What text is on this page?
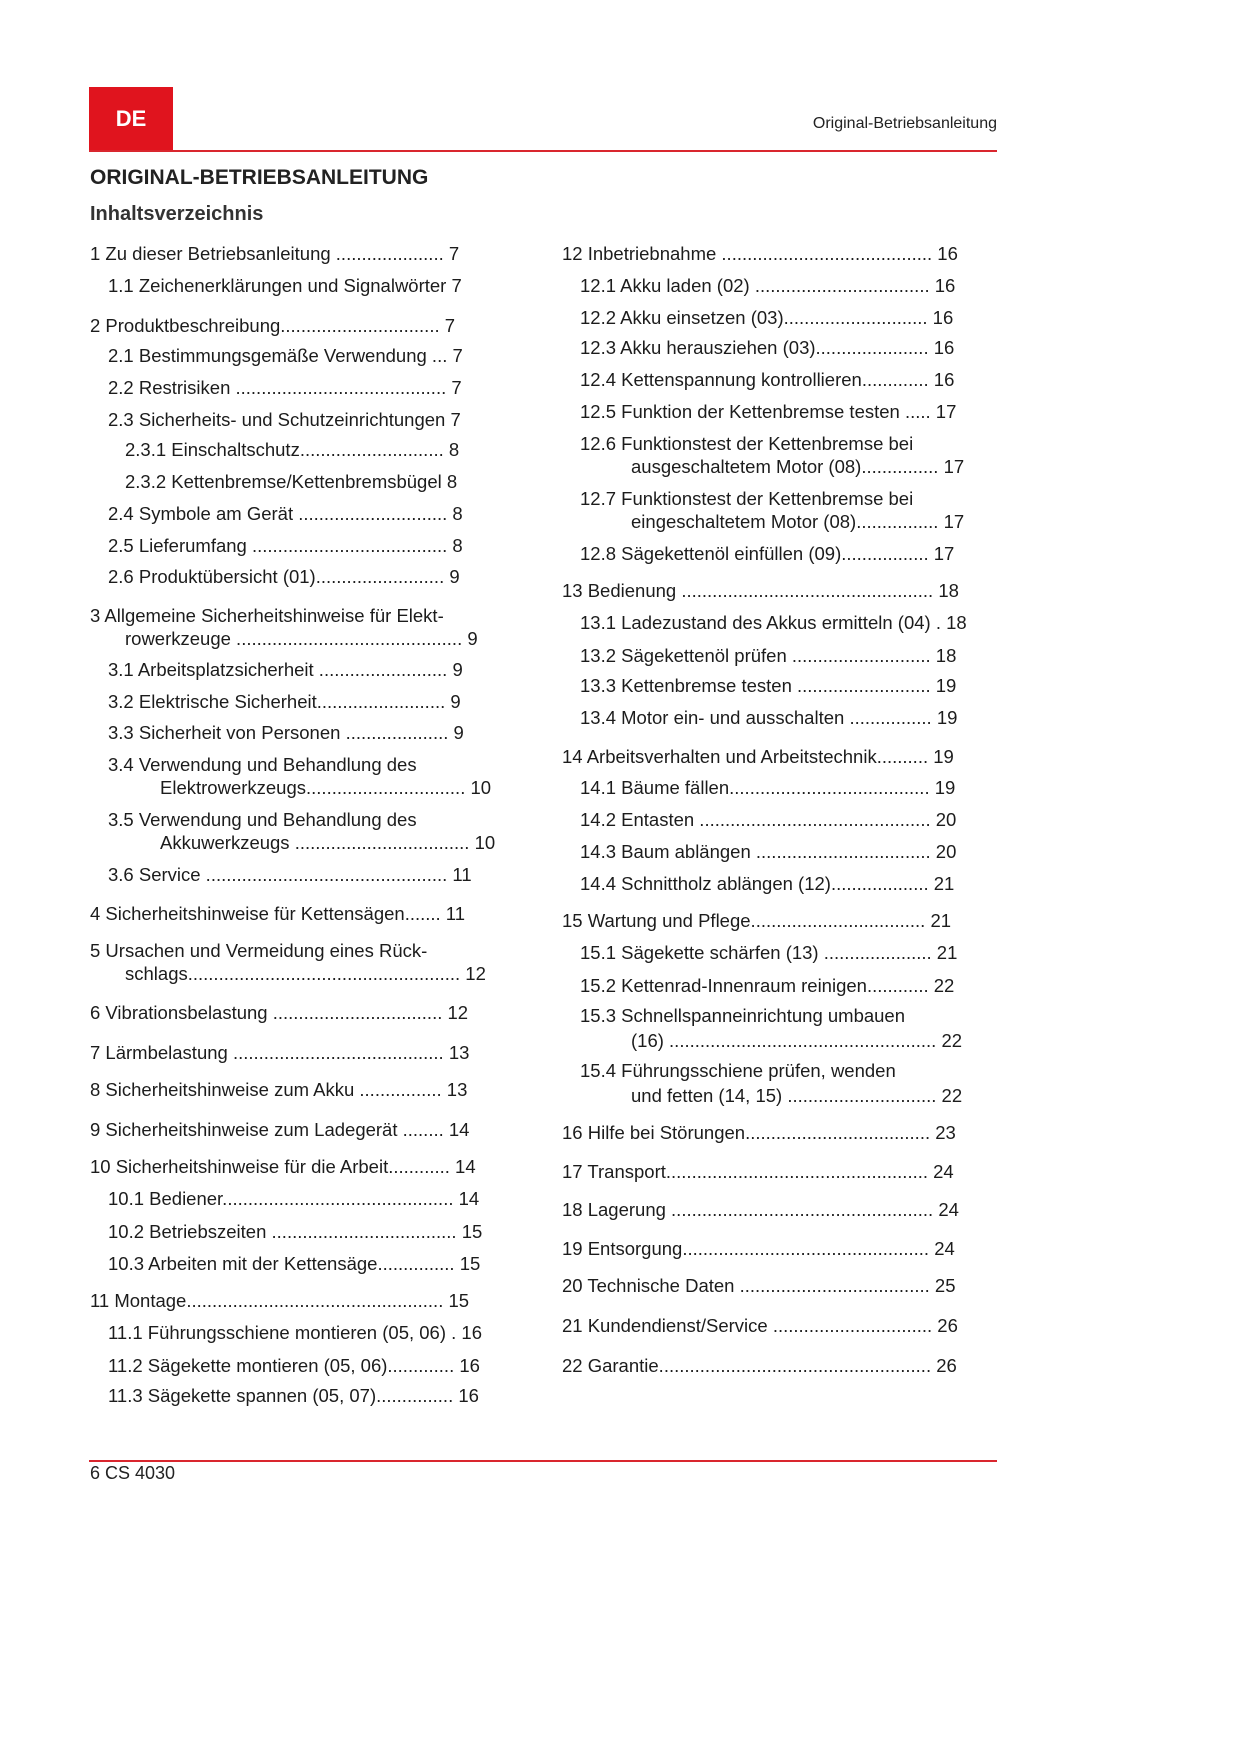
DE	Original-Betriebsanleitung
ORIGINAL-BETRIEBSANLEITUNG
Inhaltsverzeichnis
1 Zu dieser Betriebsanleitung ..................... 7
1.1 Zeichenerklärungen und Signalwörter 7
2 Produktbeschreibung............................... 7
2.1 Bestimmungsgemäße Verwendung ... 7
2.2 Restrisiken ......................................... 7
2.3 Sicherheits- und Schutzeinrichtungen 7
2.3.1 Einschaltschutz............................ 8
2.3.2 Kettenbremse/Kettenbremsbügel 8
2.4 Symbole am Gerät ............................. 8
2.5 Lieferumfang ...................................... 8
2.6 Produktübersicht (01)......................... 9
3 Allgemeine Sicherheitshinweise für Elekt-
rowerkzeuge ............................................ 9
3.1 Arbeitsplatzsicherheit ......................... 9
3.2 Elektrische Sicherheit......................... 9
3.3 Sicherheit von Personen .................... 9
3.4 Verwendung und Behandlung des
Elektrowerkzeugs............................... 10
3.5 Verwendung und Behandlung des
Akkuwerkzeugs .................................. 10
3.6 Service ............................................... 11
4 Sicherheitshinweise für Kettensägen....... 11
5 Ursachen und Vermeidung eines Rück-
schlags..................................................... 12
6 Vibrationsbelastung ................................. 12
7 Lärmbelastung ......................................... 13
8 Sicherheitshinweise zum Akku ................ 13
9 Sicherheitshinweise zum Ladegerät ........ 14
10 Sicherheitshinweise für die Arbeit............ 14
10.1 Bediener............................................. 14
10.2 Betriebszeiten .................................... 15
10.3 Arbeiten mit der Kettensäge............... 15
11 Montage.................................................. 15
11.1 Führungsschiene montieren (05, 06) . 16
11.2 Sägekette montieren (05, 06)............. 16
11.3 Sägekette spannen (05, 07)............... 16
12 Inbetriebnahme ......................................... 16
12.1 Akku laden (02) .................................. 16
12.2 Akku einsetzen (03)............................ 16
12.3 Akku herausziehen (03)...................... 16
12.4 Kettenspannung kontrollieren............. 16
12.5 Funktion der Kettenbremse testen ..... 17
12.6 Funktionstest der Kettenbremse bei
ausgeschaltetem Motor (08)............... 17
12.7 Funktionstest der Kettenbremse bei
eingeschaltetem Motor (08)................ 17
12.8 Sägekettenöl einfüllen (09)................. 17
13 Bedienung ................................................. 18
13.1 Ladezustand des Akkus ermitteln (04) . 18
13.2 Sägekettenöl prüfen ........................... 18
13.3 Kettenbremse testen .......................... 19
13.4 Motor ein- und ausschalten ................ 19
14 Arbeitsverhalten und Arbeitstechnik.......... 19
14.1 Bäume fällen....................................... 19
14.2 Entasten ............................................. 20
14.3 Baum ablängen .................................. 20
14.4 Schnittholz ablängen (12)................... 21
15 Wartung und Pflege.................................. 21
15.1 Sägekette schärfen (13) ..................... 21
15.2 Kettenrad-Innenraum reinigen............ 22
15.3 Schnellspanneinrichtung umbauen
(16) .................................................... 22
15.4 Führungsschiene prüfen, wenden
und fetten (14, 15) ............................. 22
16 Hilfe bei Störungen.................................... 23
17 Transport................................................... 24
18 Lagerung ................................................... 24
19 Entsorgung................................................ 24
20 Technische Daten ..................................... 25
21 Kundendienst/Service ............................... 26
22 Garantie..................................................... 26
6 CS 4030
